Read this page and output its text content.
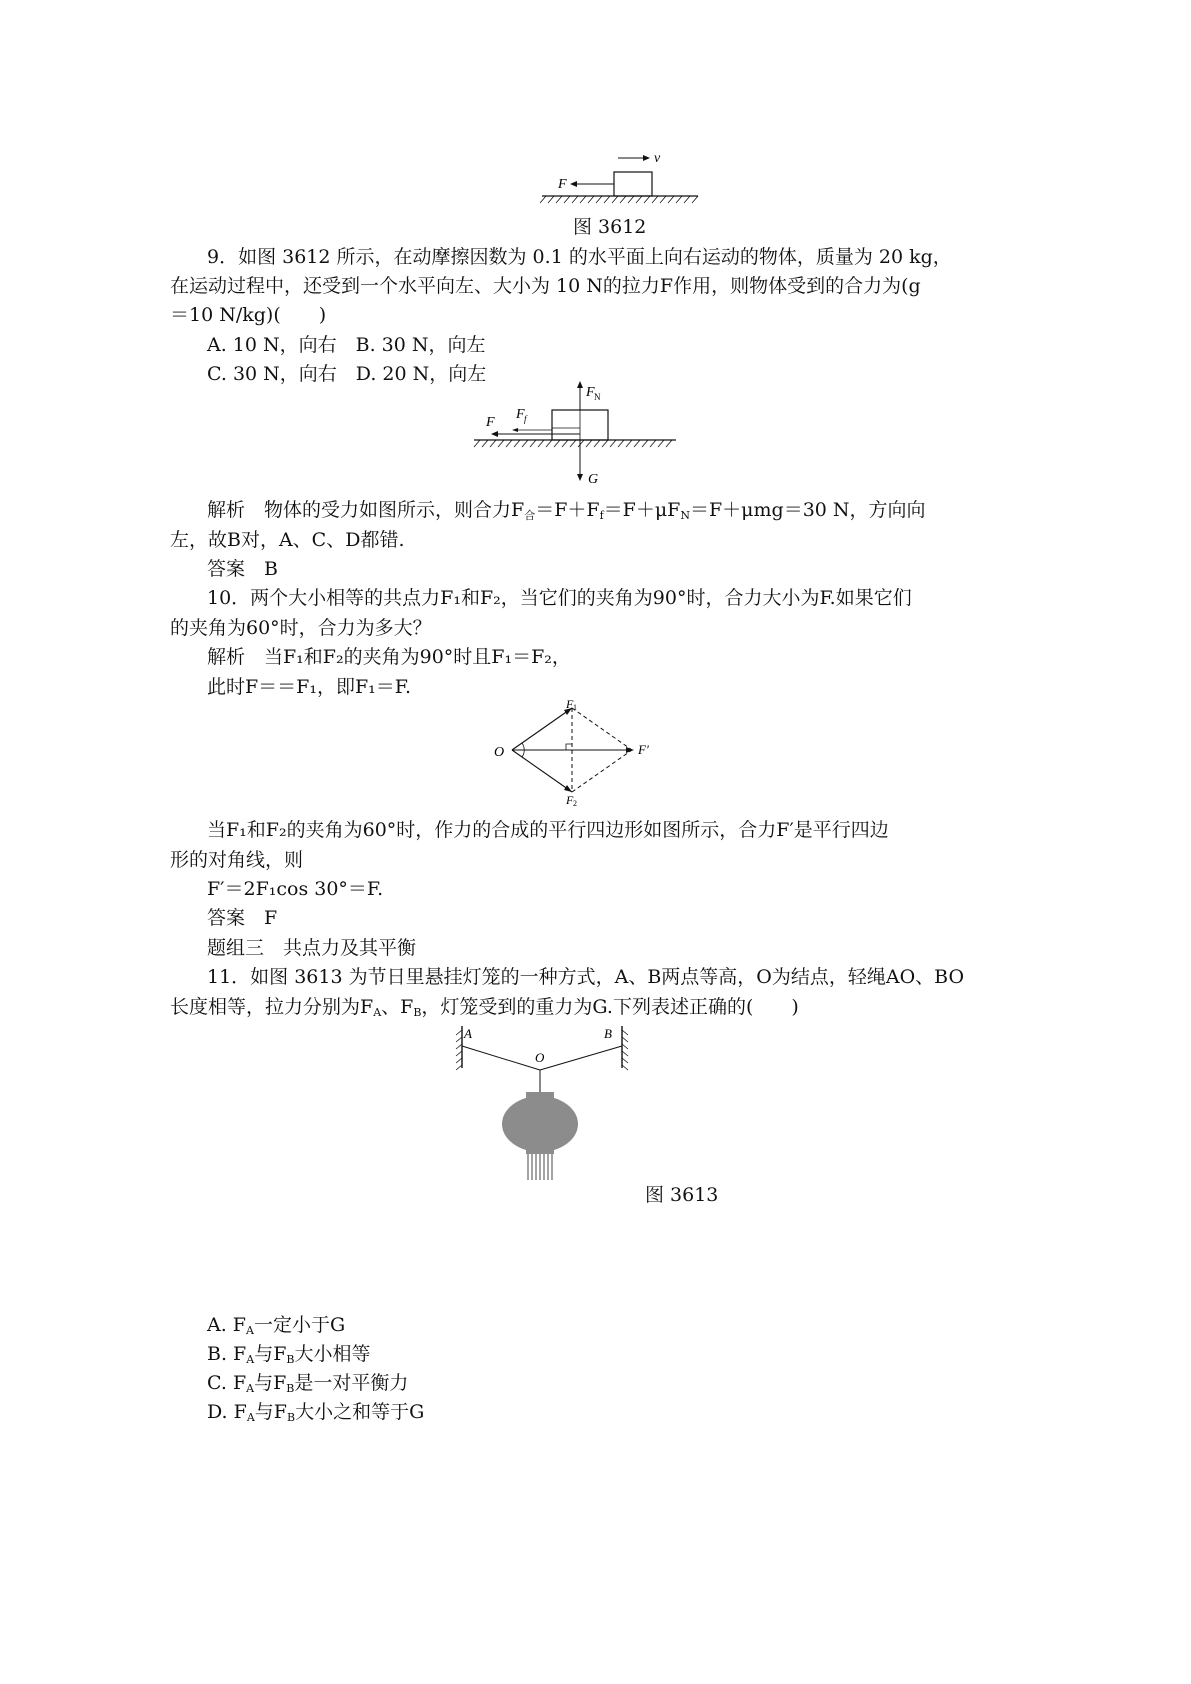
F
v
图 3612
9．如图 3612 所示，在动摩擦因数为 0.1 的水平面上向右运动的物体，质量为 20 kg，
在运动过程中，还受到一个水平向左、大小为 10 N的拉力F作用，则物体受到的合力为(g
＝10 N/kg)(　　)
A. 10 N，向右　B. 30 N，向左
C. 30 N，向右　D. 20 N，向左
F N
G
F
F f
解析　物体的受力如图所示，则合力$F_合=F+F_f=F+\mu F_N=F+\mu mg=30$ N，方向向
左，故B对，A、C、D都错.
答案　B
10．两个大小相等的共点力F₁和F₂，当它们的夹角为90°时，合力大小为F.如果它们
的夹角为60°时，合力为多大？
解析　当F₁和F₂的夹角为90°时且F₁＝F₂，
此时F＝＝F₁，即F₁＝F.
O
F 1
F 2
F′
当F₁和F₂的夹角为60°时，作力的合成的平行四边形如图所示，合力F′是平行四边
形的对角线，则
F′＝2F₁cos 30°＝F.
答案　F
题组三　共点力及其平衡
11．如图 3613 为节日里悬挂灯笼的一种方式，A、B两点等高，O为结点，轻绳AO、BO
长度相等，拉力分别为$F_A$、$F_B$，灯笼受到的重力为G.下列表述正确的(　　)
A	B
O
图 3613
A. $F_A$一定小于G
B. $F_A$与$F_B$大小相等
C. $F_A$与$F_B$是一对平衡力
D. $F_A$与$F_B$大小之和等于G
